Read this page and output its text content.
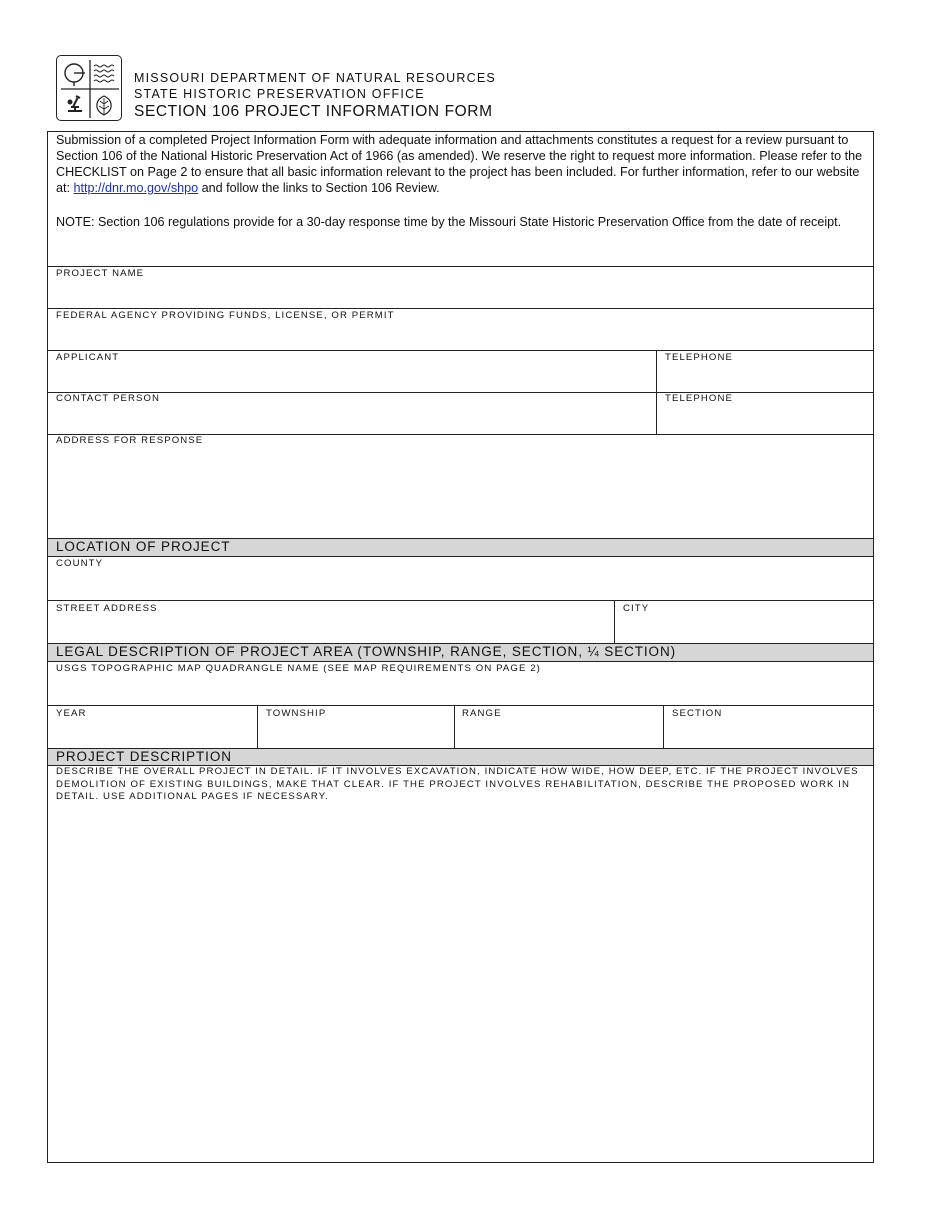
MISSOURI DEPARTMENT OF NATURAL RESOURCES
STATE HISTORIC PRESERVATION OFFICE
SECTION 106 PROJECT INFORMATION FORM

Submission of a completed Project Information Form with adequate information and attachments constitutes a request for a review pursuant to Section 106 of the National Historic Preservation Act of 1966 (as amended). We reserve the right to request more information. Please refer to the CHECKLIST on Page 2 to ensure that all basic information relevant to the project has been included. For further information, refer to our website at: http://dnr.mo.gov/shpo and follow the links to Section 106 Review.

NOTE: Section 106 regulations provide for a 30-day response time by the Missouri State Historic Preservation Office from the date of receipt.

PROJECT NAME
FEDERAL AGENCY PROVIDING FUNDS, LICENSE, OR PERMIT
APPLICANT	TELEPHONE
CONTACT PERSON	TELEPHONE
ADDRESS FOR RESPONSE
LOCATION OF PROJECT
COUNTY
STREET ADDRESS	CITY
LEGAL DESCRIPTION OF PROJECT AREA (TOWNSHIP, RANGE, SECTION, ¼ SECTION)
USGS TOPOGRAPHIC MAP QUADRANGLE NAME (SEE MAP REQUIREMENTS ON PAGE 2)
YEAR	TOWNSHIP	RANGE	SECTION
PROJECT DESCRIPTION
DESCRIBE THE OVERALL PROJECT IN DETAIL. IF IT INVOLVES EXCAVATION, INDICATE HOW WIDE, HOW DEEP, ETC. IF THE PROJECT INVOLVES DEMOLITION OF EXISTING BUILDINGS, MAKE THAT CLEAR. IF THE PROJECT INVOLVES REHABILITATION, DESCRIBE THE PROPOSED WORK IN DETAIL. USE ADDITIONAL PAGES IF NECESSARY.
